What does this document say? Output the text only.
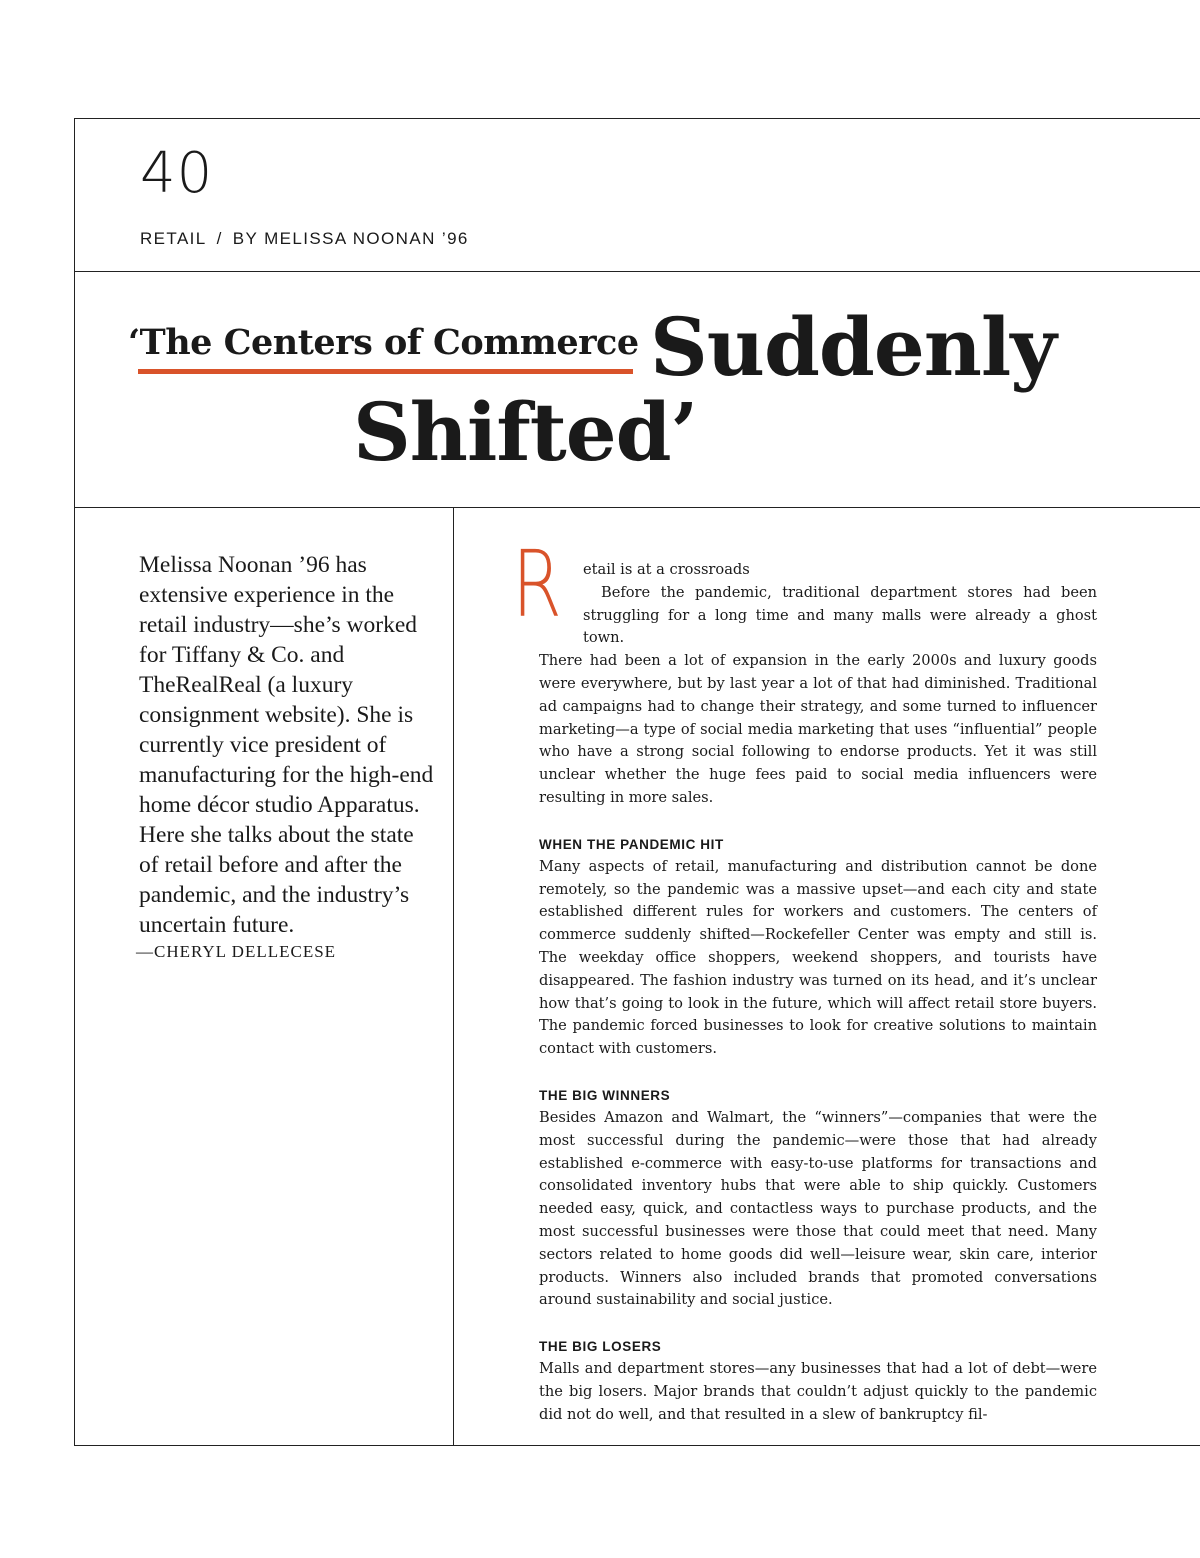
40
RETAIL / BY MELISSA NOONAN ’96
‘The Centers of Commerce Suddenly
Shifted’

Melissa Noonan ’96 has extensive experience in the retail industry—she’s worked for Tiffany & Co. and TheRealReal (a luxury consignment website). She is currently vice president of manufacturing for the high-end home décor studio Apparatus. Here she talks about the state of retail before and after the pandemic, and the industry’s uncertain future.

—CHERYL DELLECESE
R etail is at a crossroads
Before the pandemic, traditional department stores had been struggling for a long time and many malls were already a ghost town.

There had been a lot of expansion in the early 2000s and luxury goods were everywhere, but by last year a lot of that had diminished. Traditional ad campaigns had to change their strategy, and some turned to influencer marketing—a type of social media marketing that uses “influential” people who have a strong social following to endorse products. Yet it was still unclear whether the huge fees paid to social media influencers were resulting in more sales.

WHEN THE PANDEMIC HIT

Many aspects of retail, manufacturing and distribution cannot be done remotely, so the pandemic was a massive upset—and each city and state established different rules for workers and customers. The centers of commerce suddenly shifted—Rockefeller Center was empty and still is. The weekday office shoppers, weekend shoppers, and tourists have disappeared. The fashion industry was turned on its head, and it’s unclear how that’s going to look in the future, which will affect retail store buyers. The pandemic forced businesses to look for creative solutions to maintain contact with customers.

THE BIG WINNERS

Besides Amazon and Walmart, the “winners”—companies that were the most successful during the pandemic—were those that had already established e-commerce with easy-to-use platforms for transactions and consolidated inventory hubs that were able to ship quickly. Customers needed easy, quick, and contactless ways to purchase products, and the most successful businesses were those that could meet that need. Many sectors related to home goods did well—leisure wear, skin care, interior products. Winners also included brands that promoted conversations around sustainability and social justice.

THE BIG LOSERS

Malls and department stores—any businesses that had a lot of debt—were the big losers. Major brands that couldn’t adjust quickly to the pandemic did not do well, and that resulted in a slew of bankruptcy fil-
